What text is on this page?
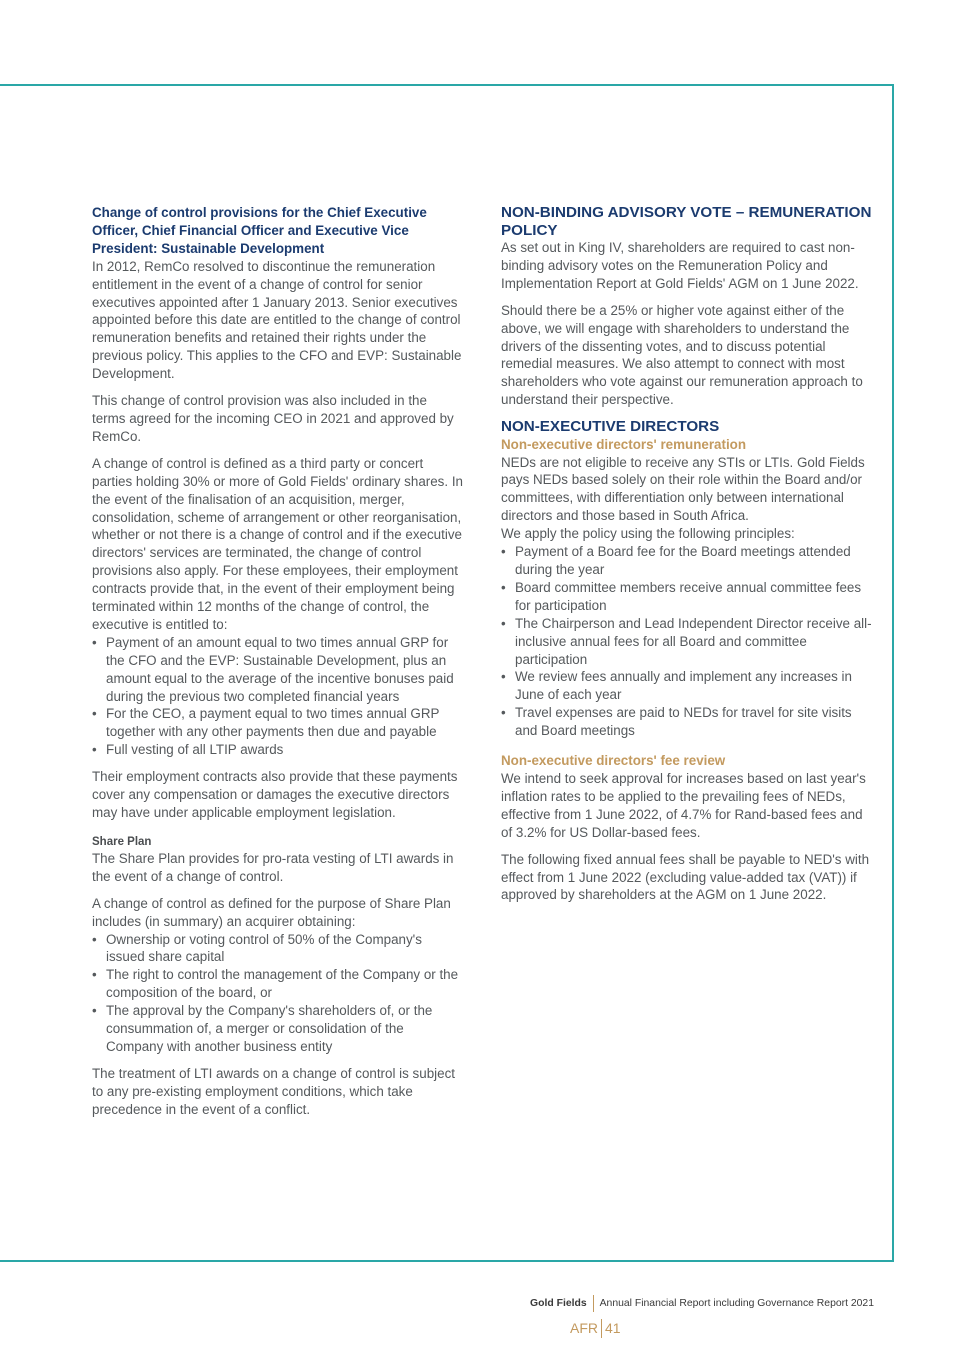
Change of control provisions for the Chief Executive Officer, Chief Financial Officer and Executive Vice President: Sustainable Development

In 2012, RemCo resolved to discontinue the remuneration entitlement in the event of a change of control for senior executives appointed after 1 January 2013. Senior executives appointed before this date are entitled to the change of control remuneration benefits and retained their rights under the previous policy. This applies to the CFO and EVP: Sustainable Development.

This change of control provision was also included in the terms agreed for the incoming CEO in 2021 and approved by RemCo.

A change of control is defined as a third party or concert parties holding 30% or more of Gold Fields' ordinary shares. In the event of the finalisation of an acquisition, merger, consolidation, scheme of arrangement or other reorganisation, whether or not there is a change of control and if the executive directors' services are terminated, the change of control provisions also apply. For these employees, their employment contracts provide that, in the event of their employment being terminated within 12 months of the change of control, the executive is entitled to:

• Payment of an amount equal to two times annual GRP for the CFO and the EVP: Sustainable Development, plus an amount equal to the average of the incentive bonuses paid during the previous two completed financial years
• For the CEO, a payment equal to two times annual GRP together with any other payments then due and payable
• Full vesting of all LTIP awards

Their employment contracts also provide that these payments cover any compensation or damages the executive directors may have under applicable employment legislation.

Share Plan

The Share Plan provides for pro-rata vesting of LTI awards in the event of a change of control.

A change of control as defined for the purpose of Share Plan includes (in summary) an acquirer obtaining:

• Ownership or voting control of 50% of the Company's issued share capital
• The right to control the management of the Company or the composition of the board, or
• The approval by the Company's shareholders of, or the consummation of, a merger or consolidation of the Company with another business entity

The treatment of LTI awards on a change of control is subject to any pre-existing employment conditions, which take precedence in the event of a conflict.

NON-BINDING ADVISORY VOTE – REMUNERATION POLICY

As set out in King IV, shareholders are required to cast non-binding advisory votes on the Remuneration Policy and Implementation Report at Gold Fields' AGM on 1 June 2022.

Should there be a 25% or higher vote against either of the above, we will engage with shareholders to understand the drivers of the dissenting votes, and to discuss potential remedial measures. We also attempt to connect with most shareholders who vote against our remuneration approach to understand their perspective.

NON-EXECUTIVE DIRECTORS
Non-executive directors' remuneration

NEDs are not eligible to receive any STIs or LTIs. Gold Fields pays NEDs based solely on their role within the Board and/or committees, with differentiation only between international directors and those based in South Africa.

We apply the policy using the following principles:

• Payment of a Board fee for the Board meetings attended during the year
• Board committee members receive annual committee fees for participation
• The Chairperson and Lead Independent Director receive all-inclusive annual fees for all Board and committee participation
• We review fees annually and implement any increases in June of each year
• Travel expenses are paid to NEDs for travel for site visits and Board meetings
Non-executive directors' fee review

We intend to seek approval for increases based on last year's inflation rates to be applied to the prevailing fees of NEDs, effective from 1 June 2022, of 4.7% for Rand-based fees and of 3.2% for US Dollar-based fees.

The following fixed annual fees shall be payable to NED's with effect from 1 June 2022 (excluding value-added tax (VAT)) if approved by shareholders at the AGM on 1 June 2022.

Gold Fields Annual Financial Report including Governance Report 2021
AFR 41
